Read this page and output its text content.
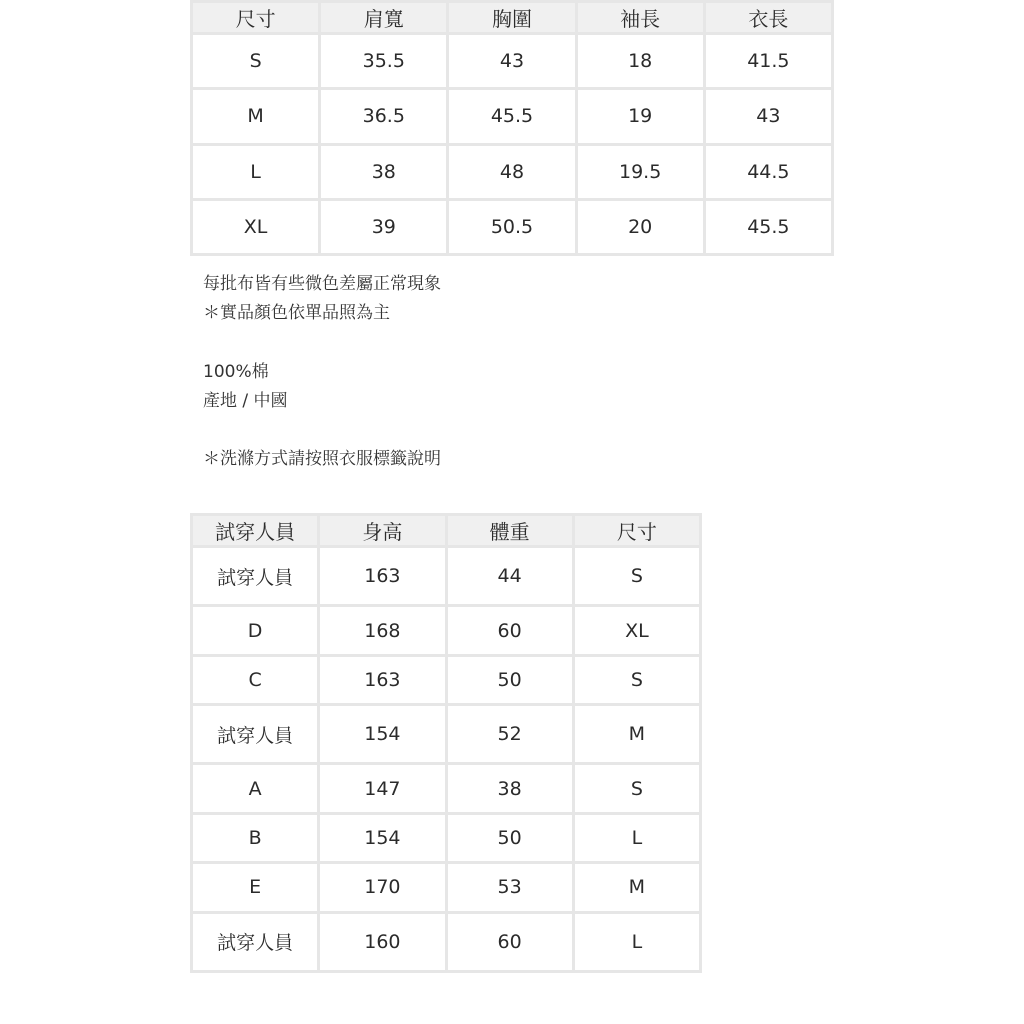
尺寸	肩寬	胸圍	袖長	衣長
S	35.5	43	18	41.5
M	36.5	45.5	19	43
L	38	48	19.5	44.5
XL	39	50.5	20	45.5
每批布皆有些微色差屬正常現象
＊實品顏色依單品照為主
100%棉
產地 / 中國
＊洗滌方式請按照衣服標籤說明
試穿人員	身高	體重	尺寸
試穿人員	163	44	S
D	168	60	XL
C	163	50	S
試穿人員	154	52	M
A	147	38	S
B	154	50	L
E	170	53	M
試穿人員	160	60	L
